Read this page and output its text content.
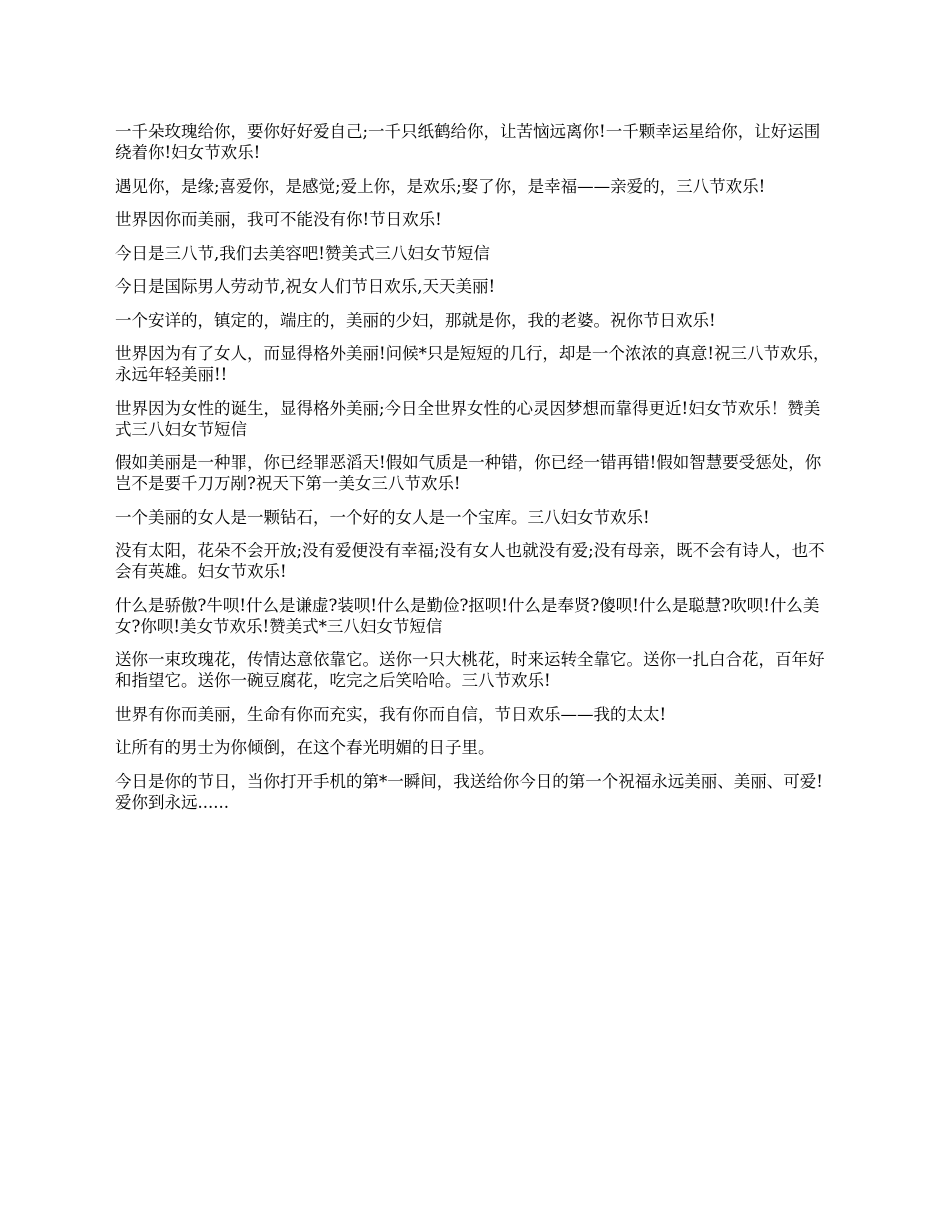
一千朵玫瑰给你，要你好好爱自己;一千只纸鹤给你，让苦恼远离你!一千颗幸运星给你，让好运围绕着你!妇女节欢乐!

遇见你，是缘;喜爱你，是感觉;爱上你，是欢乐;娶了你，是幸福——亲爱的，三八节欢乐!

世界因你而美丽，我可不能没有你!节日欢乐!

今日是三八节,我们去美容吧!赞美式三八妇女节短信

今日是国际男人劳动节,祝女人们节日欢乐,天天美丽!

一个安详的，镇定的，端庄的，美丽的少妇，那就是你，我的老婆。祝你节日欢乐!

世界因为有了女人，而显得格外美丽!问候*只是短短的几行，却是一个浓浓的真意!祝三八节欢乐，永远年轻美丽!!

世界因为女性的诞生，显得格外美丽;今日全世界女性的心灵因梦想而靠得更近!妇女节欢乐！赞美式三八妇女节短信

假如美丽是一种罪，你已经罪恶滔天!假如气质是一种错，你已经一错再错!假如智慧要受惩处，你岂不是要千刀万剐?祝天下第一美女三八节欢乐!

一个美丽的女人是一颗钻石，一个好的女人是一个宝库。三八妇女节欢乐!

没有太阳，花朵不会开放;没有爱便没有幸福;没有女人也就没有爱;没有母亲，既不会有诗人，也不会有英雄。妇女节欢乐!

什么是骄傲?牛呗!什么是谦虚?装呗!什么是勤俭?抠呗!什么是奉贤?傻呗!什么是聪慧?吹呗!什么美女?你呗!美女节欢乐!赞美式*三八妇女节短信

送你一束玫瑰花，传情达意依靠它。送你一只大桃花，时来运转全靠它。送你一扎白合花，百年好和指望它。送你一碗豆腐花，吃完之后笑哈哈。三八节欢乐!

世界有你而美丽，生命有你而充实，我有你而自信，节日欢乐——我的太太!

让所有的男士为你倾倒，在这个春光明媚的日子里。

今日是你的节日，当你打开手机的第*一瞬间，我送给你今日的第一个祝福永远美丽、美丽、可爱!爱你到永远......
